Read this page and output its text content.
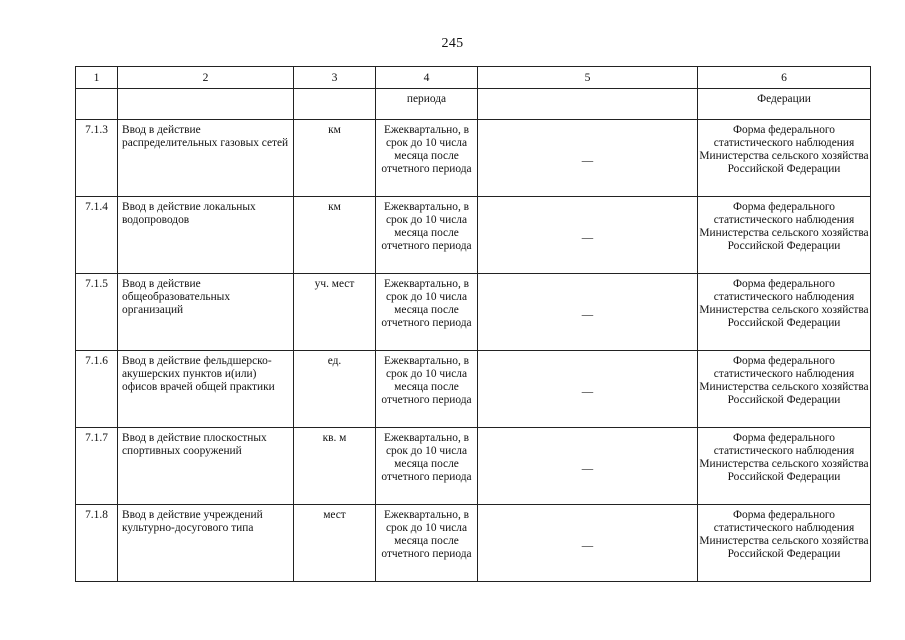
245
1	2	3	4	5	6
			периода		Федерации
7.1.3	Ввод в действие распределительных газовых сетей	км	Ежеквартально, в срок до 10 числа месяца после отчетного периода	—	Форма федерального статистического наблюдения Министерства сельского хозяйства Российской Федерации
7.1.4	Ввод в действие локальных водопроводов	км	Ежеквартально, в срок до 10 числа месяца после отчетного периода	—	Форма федерального статистического наблюдения Министерства сельского хозяйства Российской Федерации
7.1.5	Ввод в действие общеобразовательных организаций	уч. мест	Ежеквартально, в срок до 10 числа месяца после отчетного периода	—	Форма федерального статистического наблюдения Министерства сельского хозяйства Российской Федерации
7.1.6	Ввод в действие фельдшерско-акушерских пунктов и(или) офисов врачей общей практики	ед.	Ежеквартально, в срок до 10 числа месяца после отчетного периода	—	Форма федерального статистического наблюдения Министерства сельского хозяйства Российской Федерации
7.1.7	Ввод в действие плоскостных спортивных сооружений	кв. м	Ежеквартально, в срок до 10 числа месяца после отчетного периода	—	Форма федерального статистического наблюдения Министерства сельского хозяйства Российской Федерации
7.1.8	Ввод в действие учреждений культурно-досугового типа	мест	Ежеквартально, в срок до 10 числа месяца после отчетного периода	—	Форма федерального статистического наблюдения Министерства сельского хозяйства Российской Федерации
